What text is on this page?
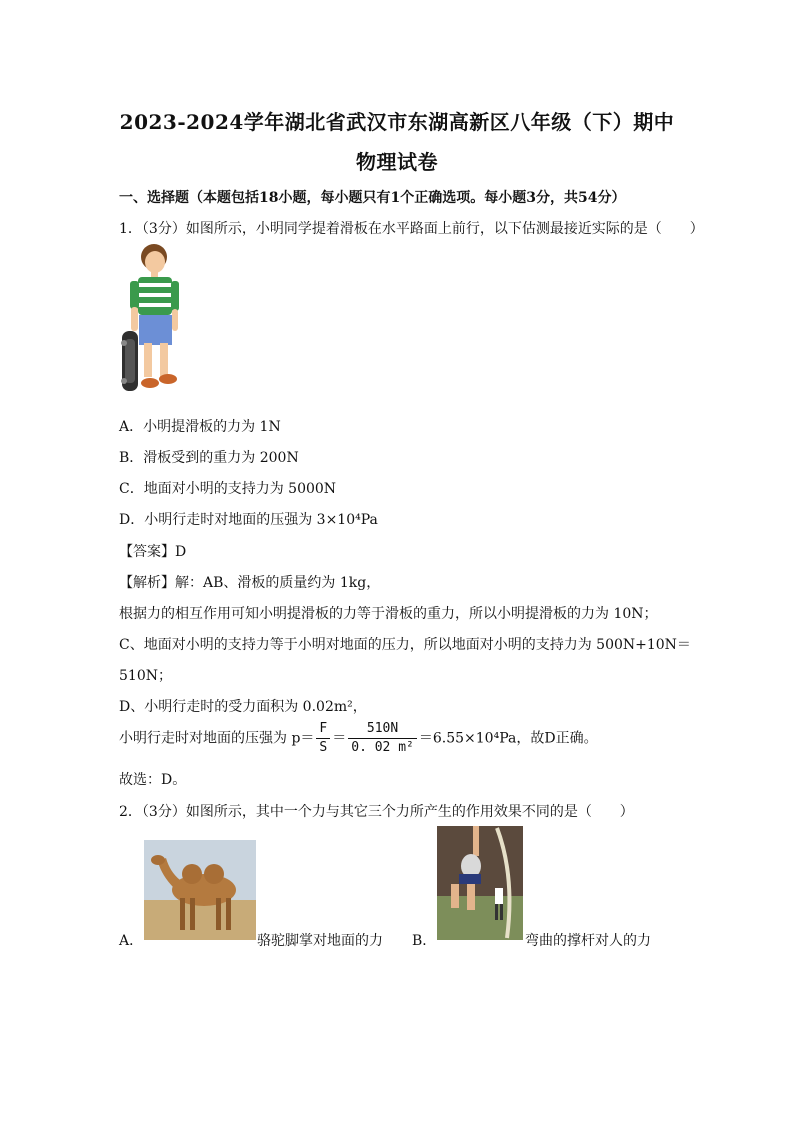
2023-2024学年湖北省武汉市东湖高新区八年级（下）期中
物理试卷
一、选择题（本题包括18小题，每小题只有1个正确选项。每小题3分，共54分）
1．（3分）如图所示，小明同学提着滑板在水平路面上前行，以下估测最接近实际的是（　　）
A．小明提滑板的力为 1N
B．滑板受到的重力为 200N
C．地面对小明的支持力为 5000N
D．小明行走时对地面的压强为 3×10⁴Pa
【答案】D
【解析】解：AB、滑板的质量约为 1kg，
根据力的相互作用可知小明提滑板的力等于滑板的重力，所以小明提滑板的力为 10N；
C、地面对小明的支持力等于小明对地面的压力，所以地面对小明的支持力为 500N+10N＝
510N；
D、小明行走时的受力面积为 0.02m²，
小明行走时对地面的压强为 $p= \frac{F}{S} = \frac{510N}{\text{0. 02 m²}} =6.55\times 10^4Pa$，故D正确。
故选：D。
2．（3分）如图所示，其中一个力与其它三个力所产生的作用效果不同的是（　　）
A．	骆驼脚掌对地面的力 B．	弯曲的撑杆对人的力
